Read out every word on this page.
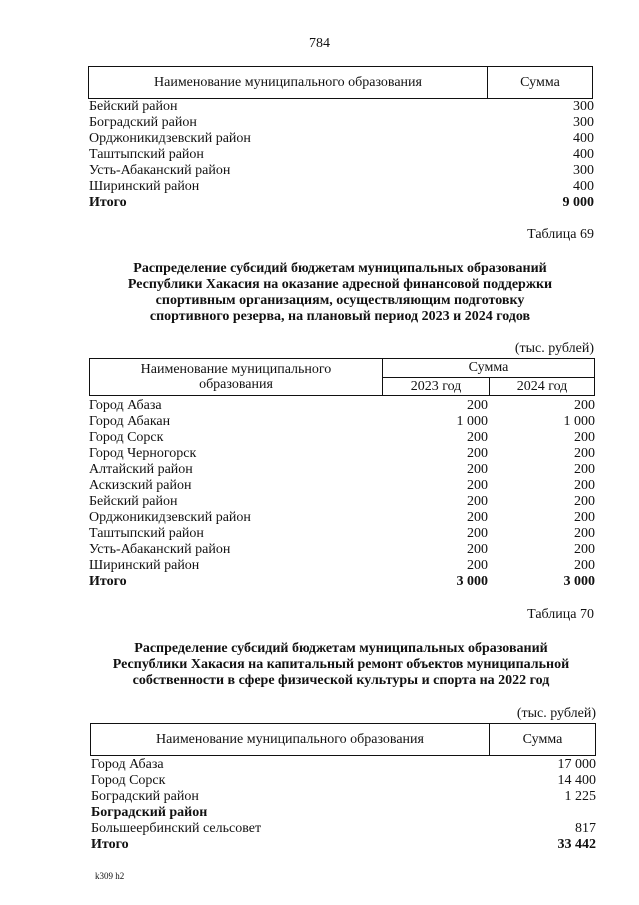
784
Наименование муниципального образования	Сумма
Бейский район	300
Боградский район	300
Орджоникидзевский район	400
Таштыпский район	400
Усть-Абаканский район	300
Ширинский район	400
Итого	9 000
Таблица 69
Распределение субсидий бюджетам муниципальных образований
Республики Хакасия на оказание адресной финансовой поддержки
спортивным организациям, осуществляющим подготовку
спортивного резерва, на плановый период 2023 и 2024 годов
(тыс. рублей)
Наименование муниципального
образования	Сумма	
	2023 год	2024 год
Город Абаза	200	200
Город Абакан	1 000	1 000
Город Сорск	200	200
Город Черногорск	200	200
Алтайский район	200	200
Аскизский район	200	200
Бейский район	200	200
Орджоникидзевский район	200	200
Таштыпский район	200	200
Усть-Абаканский район	200	200
Ширинский район	200	200
Итого	3 000	3 000
Таблица 70
Распределение субсидий бюджетам муниципальных образований
Республики Хакасия на капитальный ремонт объектов муниципальной
собственности в сфере физической культуры и спорта на 2022 год
(тыс. рублей)
Наименование муниципального образования	Сумма
Город Абаза	17 000
Город Сорск	14 400
Боградский район	1 225
Боградский район
Большеербинский сельсовет	817
Итого	33 442
k309 h2
